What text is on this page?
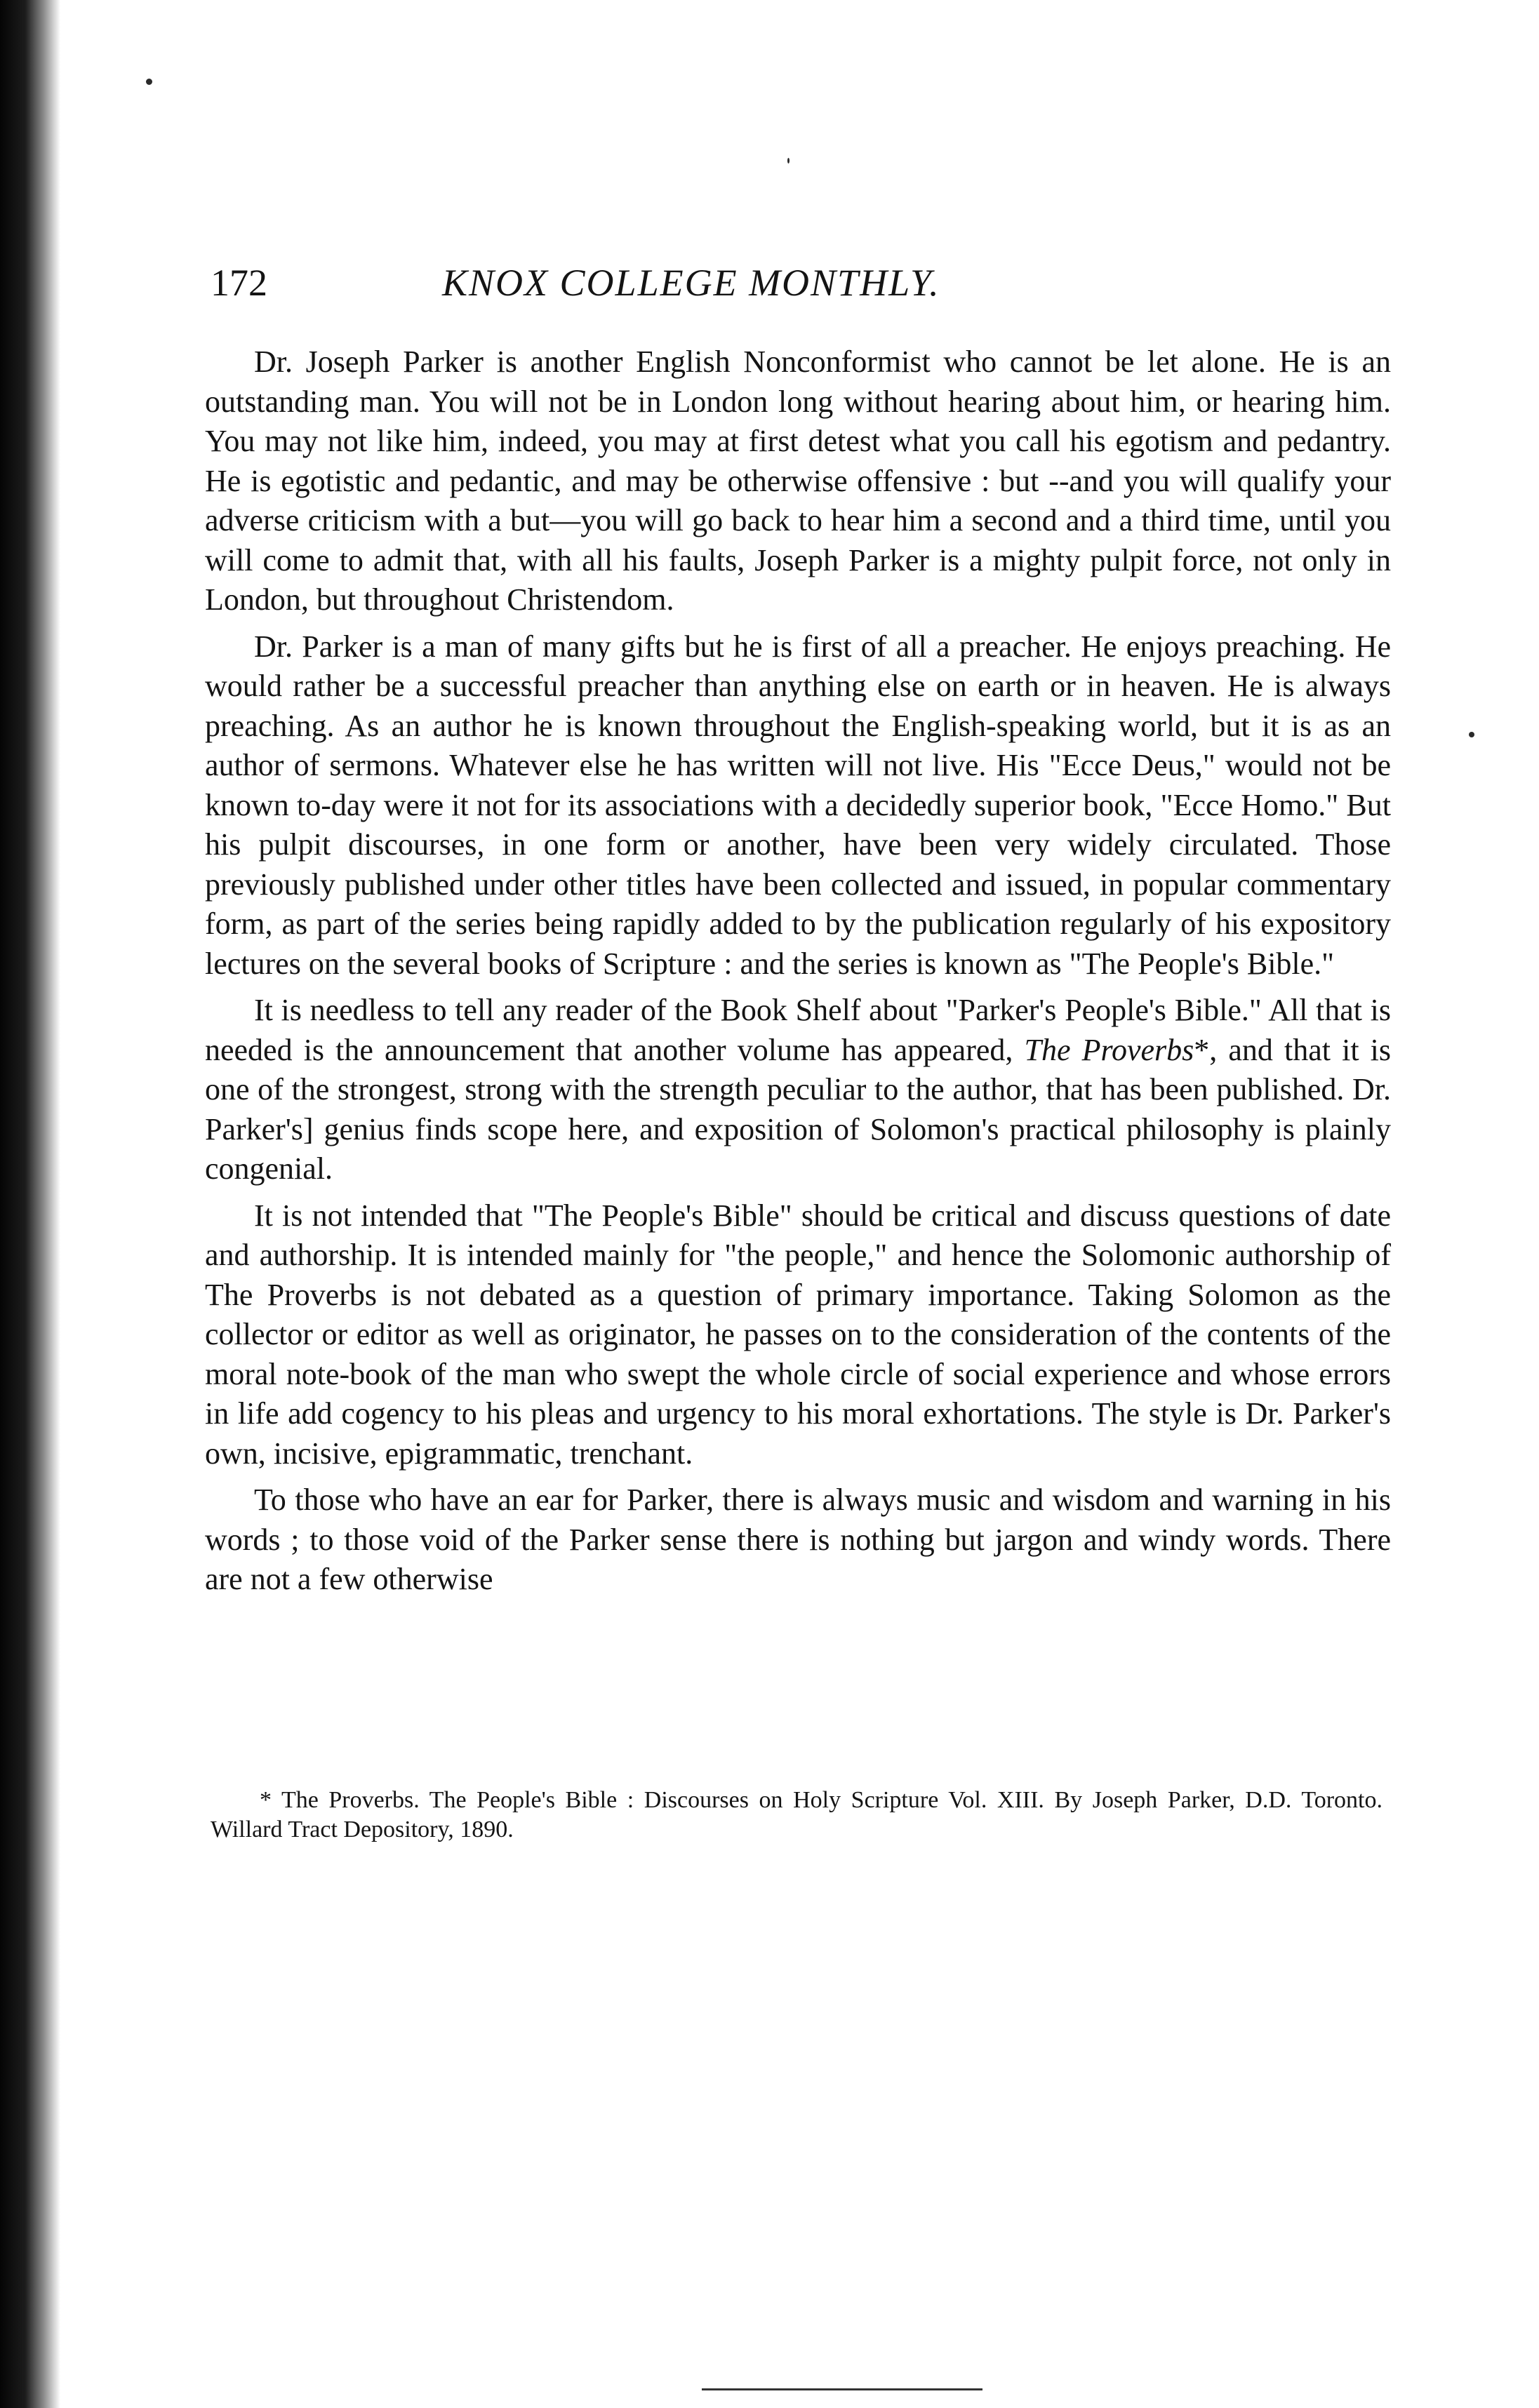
172	KNOX COLLEGE MONTHLY.

Dr. Joseph Parker is another English Nonconformist who cannot be let alone. He is an outstanding man. You will not be in London long without hearing about him, or hearing him. You may not like him, indeed, you may at first detest what you call his egotism and pedantry. He is egotistic and pedantic, and may be otherwise offensive : but --and you will qualify your adverse criticism with a but—you will go back to hear him a second and a third time, until you will come to admit that, with all his faults, Joseph Parker is a mighty pulpit force, not only in London, but throughout Christendom.

Dr. Parker is a man of many gifts but he is first of all a preacher. He enjoys preaching. He would rather be a successful preacher than anything else on earth or in heaven. He is always preaching. As an author he is known throughout the English-speaking world, but it is as an author of sermons. Whatever else he has written will not live. His "Ecce Deus," would not be known to-day were it not for its associations with a decidedly superior book, "Ecce Homo." But his pulpit discourses, in one form or another, have been very widely circulated. Those previously published under other titles have been collected and issued, in popular commentary form, as part of the series being rapidly added to by the publication regularly of his expository lectures on the several books of Scripture : and the series is known as "The People's Bible."

It is needless to tell any reader of the Book Shelf about "Parker's People's Bible." All that is needed is the announcement that another volume has appeared, The Proverbs*, and that it is one of the strongest, strong with the strength peculiar to the author, that has been published. Dr. Parker's] genius finds scope here, and exposition of Solomon's practical philosophy is plainly congenial.

It is not intended that "The People's Bible" should be critical and discuss questions of date and authorship. It is intended mainly for "the people," and hence the Solomonic authorship of The Proverbs is not debated as a question of primary importance. Taking Solomon as the collector or editor as well as originator, he passes on to the consideration of the contents of the moral note-book of the man who swept the whole circle of social experience and whose errors in life add cogency to his pleas and urgency to his moral exhortations. The style is Dr. Parker's own, incisive, epigrammatic, trenchant.

To those who have an ear for Parker, there is always music and wisdom and warning in his words ; to those void of the Parker sense there is nothing but jargon and windy words. There are not a few otherwise

* The Proverbs. The People's Bible : Discourses on Holy Scripture Vol. XIII. By Joseph Parker, D.D. Toronto. Willard Tract Depository, 1890.
